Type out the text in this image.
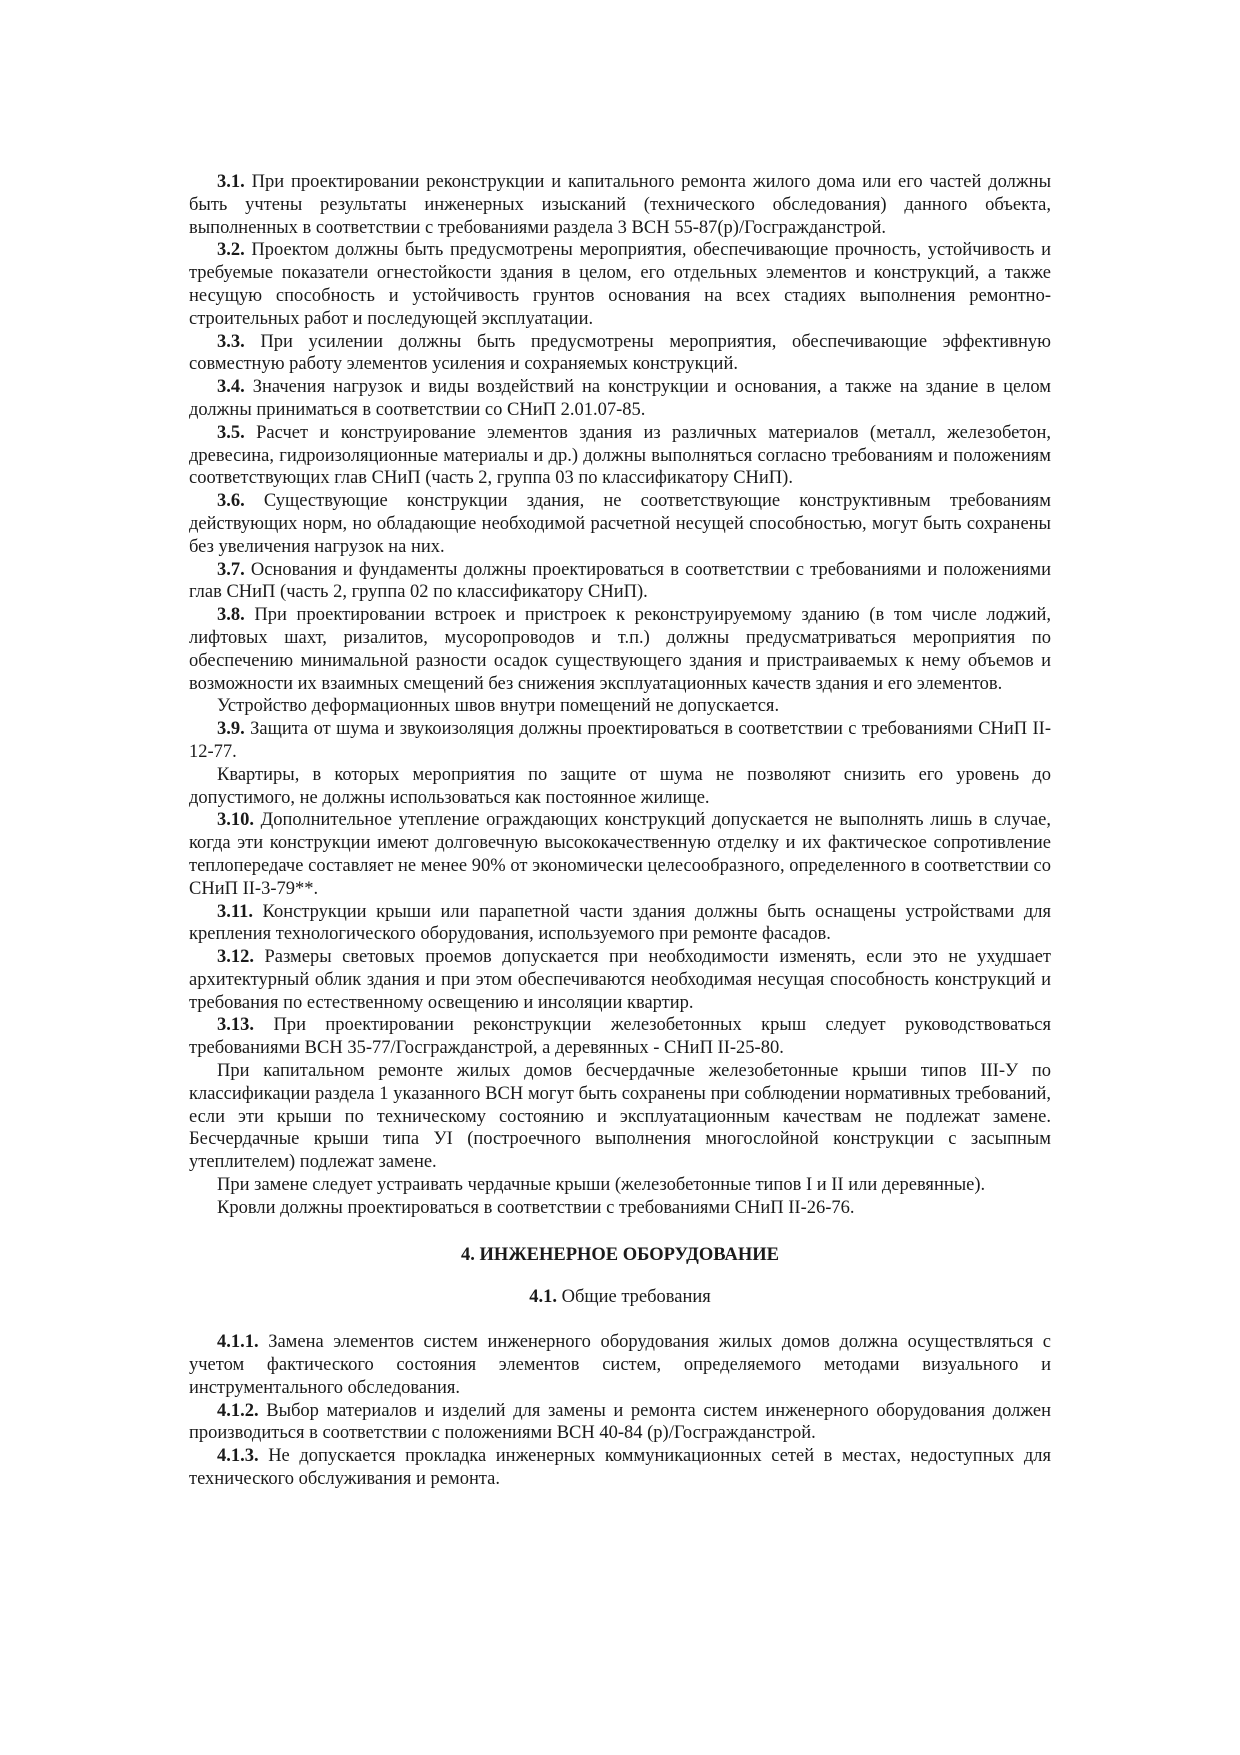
3.1. При проектировании реконструкции и капитального ремонта жилого дома или его частей должны быть учтены результаты инженерных изысканий (технического обследования) данного объекта, выполненных в соответствии с требованиями раздела 3 ВСН 55-87(р)/Госгражданстрой.

3.2. Проектом должны быть предусмотрены мероприятия, обеспечивающие прочность, устойчивость и требуемые показатели огнестойкости здания в целом, его отдельных элементов и конструкций, а также несущую способность и устойчивость грунтов основания на всех стадиях выполнения ремонтно-строительных работ и последующей эксплуатации.

3.3. При усилении должны быть предусмотрены мероприятия, обеспечивающие эффективную совместную работу элементов усиления и сохраняемых конструкций.

3.4. Значения нагрузок и виды воздействий на конструкции и основания, а также на здание в целом должны приниматься в соответствии со СНиП 2.01.07-85.

3.5. Расчет и конструирование элементов здания из различных материалов (металл, железобетон, древесина, гидроизоляционные материалы и др.) должны выполняться согласно требованиям и положениям соответствующих глав СНиП (часть 2, группа 03 по классификатору СНиП).

3.6. Существующие конструкции здания, не соответствующие конструктивным требованиям действующих норм, но обладающие необходимой расчетной несущей способностью, могут быть сохранены без увеличения нагрузок на них.

3.7. Основания и фундаменты должны проектироваться в соответствии с требованиями и положениями глав СНиП (часть 2, группа 02 по классификатору СНиП).

3.8. При проектировании встроек и пристроек к реконструируемому зданию (в том числе лоджий, лифтовых шахт, ризалитов, мусоропроводов и т.п.) должны предусматриваться мероприятия по обеспечению минимальной разности осадок существующего здания и пристраиваемых к нему объемов и возможности их взаимных смещений без снижения эксплуатационных качеств здания и его элементов.

Устройство деформационных швов внутри помещений не допускается.

3.9. Защита от шума и звукоизоляция должны проектироваться в соответствии с требованиями СНиП II-12-77.

Квартиры, в которых мероприятия по защите от шума не позволяют снизить его уровень до допустимого, не должны использоваться как постоянное жилище.

3.10. Дополнительное утепление ограждающих конструкций допускается не выполнять лишь в случае, когда эти конструкции имеют долговечную высококачественную отделку и их фактическое сопротивление теплопередаче составляет не менее 90% от экономически целесообразного, определенного в соответствии со СНиП II-3-79**.

3.11. Конструкции крыши или парапетной части здания должны быть оснащены устройствами для крепления технологического оборудования, используемого при ремонте фасадов.

3.12. Размеры световых проемов допускается при необходимости изменять, если это не ухудшает архитектурный облик здания и при этом обеспечиваются необходимая несущая способность конструкций и требования по естественному освещению и инсоляции квартир.

3.13. При проектировании реконструкции железобетонных крыш следует руководствоваться требованиями ВСН 35-77/Госгражданстрой, а деревянных - СНиП II-25-80.

При капитальном ремонте жилых домов бесчердачные железобетонные крыши типов III-У по классификации раздела 1 указанного ВСН могут быть сохранены при соблюдении нормативных требований, если эти крыши по техническому состоянию и эксплуатационным качествам не подлежат замене. Бесчердачные крыши типа УI (построечного выполнения многослойной конструкции с засыпным утеплителем) подлежат замене.

При замене следует устраивать чердачные крыши (железобетонные типов I и II или деревянные).

Кровли должны проектироваться в соответствии с требованиями СНиП II-26-76.

4. ИНЖЕНЕРНОЕ ОБОРУДОВАНИЕ
4.1. Общие требования

4.1.1. Замена элементов систем инженерного оборудования жилых домов должна осуществляться с учетом фактического состояния элементов систем, определяемого методами визуального и инструментального обследования.

4.1.2. Выбор материалов и изделий для замены и ремонта систем инженерного оборудования должен производиться в соответствии с положениями ВСН 40-84 (р)/Госгражданстрой.

4.1.3. Не допускается прокладка инженерных коммуникационных сетей в местах, недоступных для технического обслуживания и ремонта.
